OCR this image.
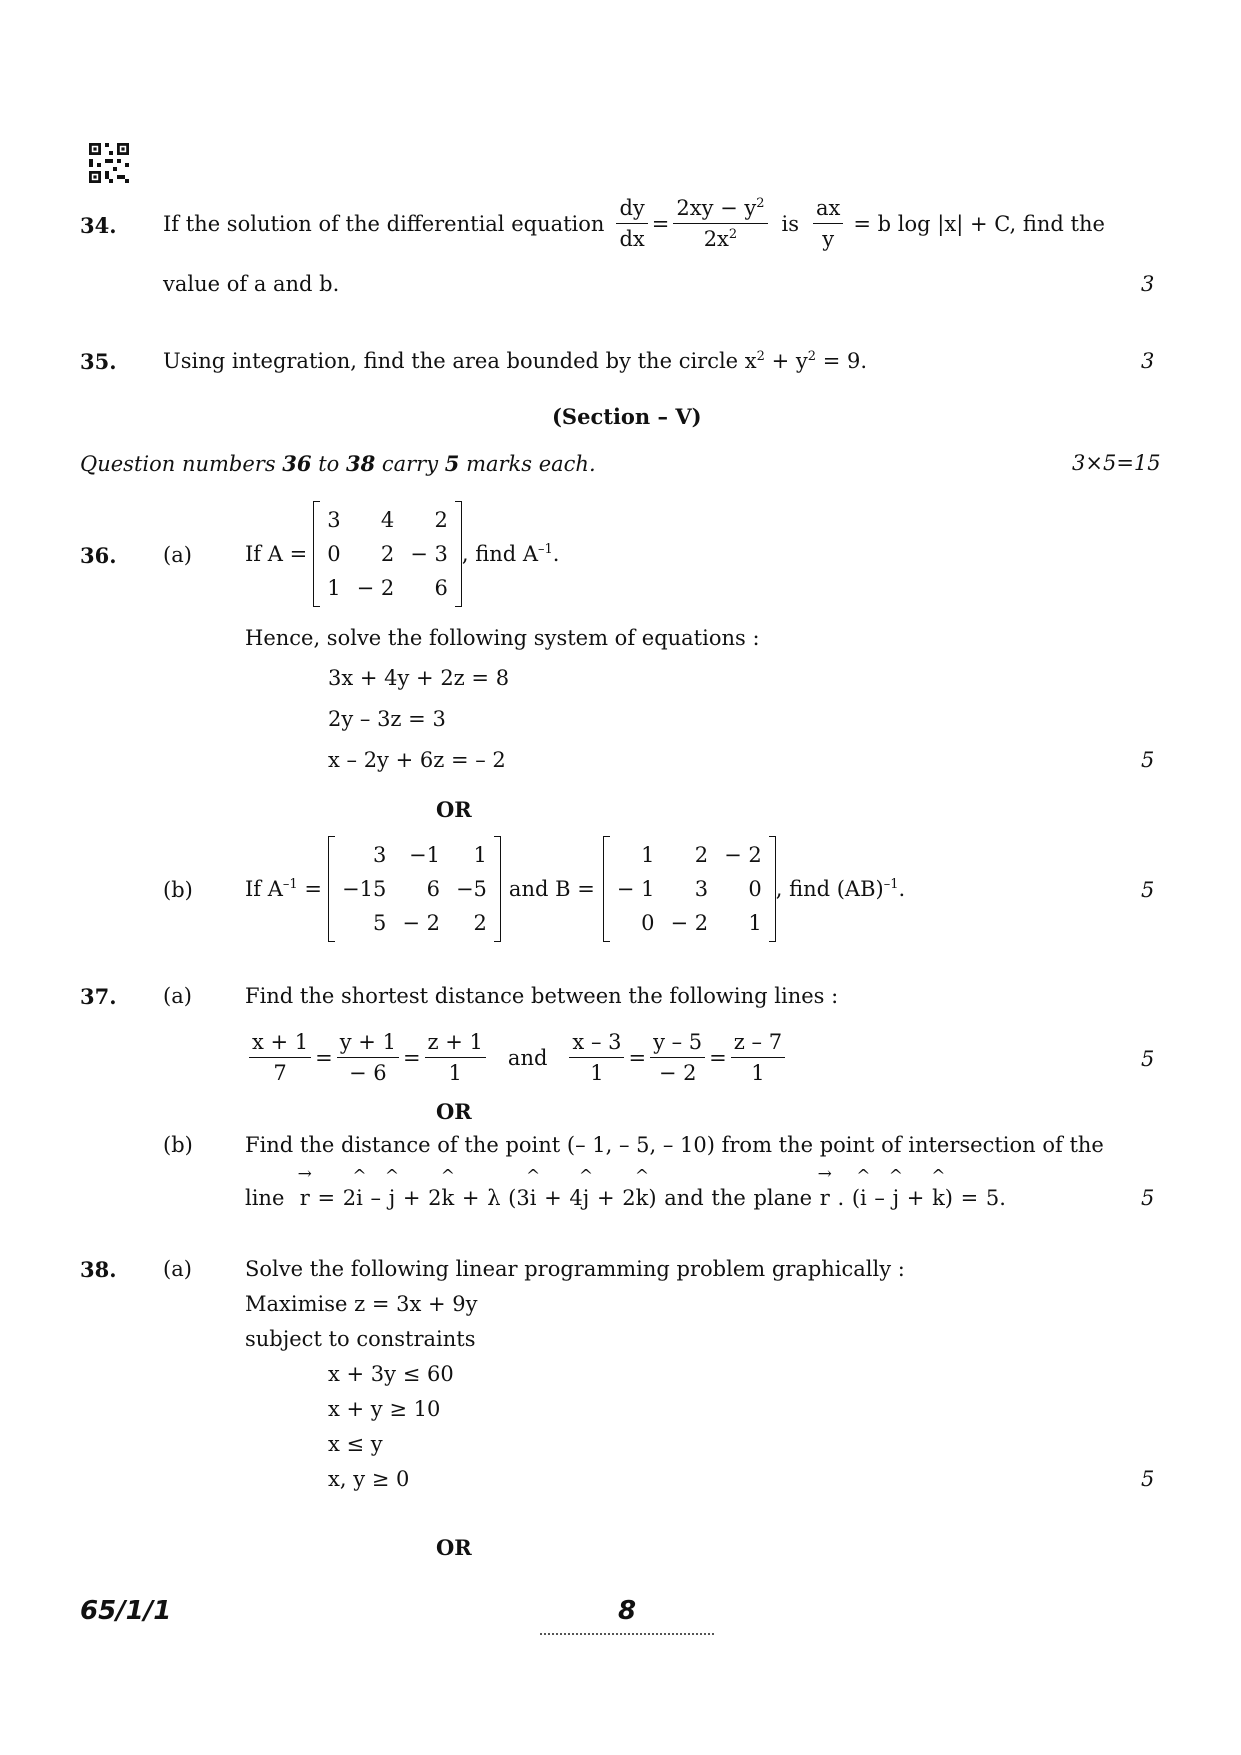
34. If the solution of the differential equation $\frac{dy}{dx} = \frac{2xy - y^2}{2x^2}$ is $\frac{ax}{y} = b$ log |x| + C, find the
value of a and b.	3
35. Using integration, find the area bounded by the circle $x^2 + y^2 = 9$.	3
(Section – V)
Question numbers 36 to 38 carry 5 marks each.	3×5=15
36. (a)	If A =
3	4	2
0	2	− 3
1	− 2	6
, find $A^{-1}$.
Hence, solve the following system of equations :
3x + 4y + 2z = 8
2y – 3z = 3
x – 2y + 6z = – 2	5
OR
(b) If $A^{-1}$ =
3	−1	1
−15	6	−5
5	− 2	2
and B =
1	2	− 2
− 1	3	0
0	− 2	1
, find (AB)$^{-1}$.	5
37. (a)	Find the shortest distance between the following lines :
$\frac{x + 1}{7} = \frac{y + 1}{- 6} = \frac{z + 1}{1}$ and $\frac{x - 3}{1} = \frac{y - 5}{- 2} = \frac{z - 7}{1}$	5
OR
(b) Find the distance of the point (– 1, – 5, – 10) from the point of intersection of the
line → r = 2^ i – ^ j + 2^ k + λ (3^ i + 4^ j + 2^ k) and the plane → r . (^ i – ^ j + ^ k) = 5.	5
38. (a)	Solve the following linear programming problem graphically :
Maximise z = 3x + 9y
subject to constraints
x + 3y ≤ 60
x + y ≥ 10
x ≤ y
x, y ≥ 0	5
OR
65/1/1	8
